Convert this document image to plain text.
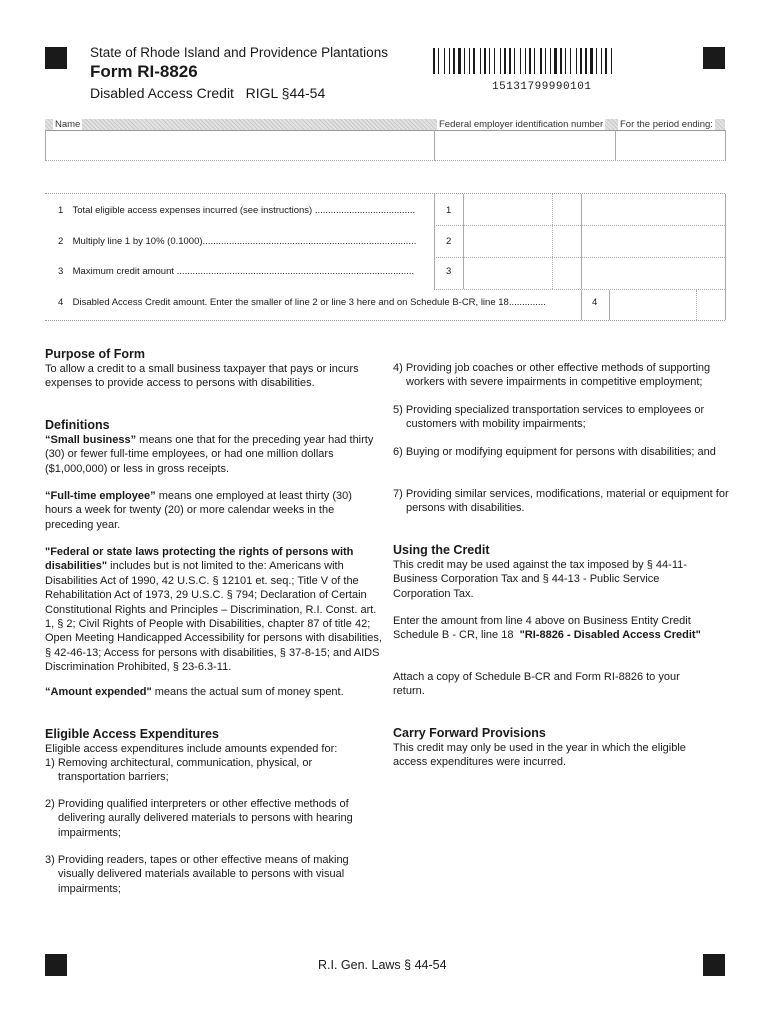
State of Rhode Island and Providence Plantations
Form RI-8826
Disabled Access Credit   RIGL §44-54	15131799990101
Name	Federal employer identification number For the period ending:
1 Total eligible access expenses incurred (see instructions) ......................................
2 Multiply line 1 by 10% (0.1000).................................................................................
3 Maximum credit amount ..........................................................................................
4 Disabled Access Credit amount. Enter the smaller of line 2 or line 3 here and on Schedule B-CR, line 18..............
1
2
3
4
Purpose of Form
To allow a credit to a small business taxpayer that pays or incurs expenses to provide access to persons with disabilities.
Definitions
“Small business” means one that for the preceding year had thirty (30) or fewer full-time employees, or had one million dollars ($1,000,000) or less in gross receipts.
“Full-time employee” means one employed at least thirty (30) hours a week for twenty (20) or more calendar weeks in the preceding year.
"Federal or state laws protecting the rights of persons with disabilities" includes but is not limited to the: Americans with Disabilities Act of 1990, 42 U.S.C. § 12101 et. seq.; Title V of the Rehabilitation Act of 1973, 29 U.S.C. § 794; Declaration of Certain Constitutional Rights and Principles – Discrimination, R.I. Const. art. 1, § 2; Civil Rights of People with Disabilities, chapter 87 of title 42; Open Meeting Handicapped Accessibility for persons with disabilities, § 42-46-13; Access for persons with disabilities, § 37-8-15; and AIDS Discrimination Prohibited, § 23-6.3-11.
“Amount expended" means the actual sum of money spent.
Eligible Access Expenditures
Eligible access expenditures include amounts expended for:
1) Removing architectural, communication, physical, or transportation barriers;
2) Providing qualified interpreters or other effective methods of delivering aurally delivered materials to persons with hearing impairments;
3) Providing readers, tapes or other effective means of making visually delivered materials available to persons with visual impairments;
4) Providing job coaches or other effective methods of supporting workers with severe impairments in competitive employment;
5) Providing specialized transportation services to employees or customers with mobility impairments;
6) Buying or modifying equipment for persons with disabilities; and
7) Providing similar services, modifications, material or equipment for persons with disabilities.
Using the Credit
This credit may be used against the tax imposed by § 44-11- Business Corporation Tax and § 44-13 - Public Service Corporation Tax.
Enter the amount from line 4 above on Business Entity Credit Schedule B - CR, line 18  "RI-8826 - Disabled Access Credit"
Attach a copy of Schedule B-CR and Form RI-8826 to your return.
Carry Forward Provisions
This credit may only be used in the year in which the eligible access expenditures were incurred.
R.I. Gen. Laws § 44-54
